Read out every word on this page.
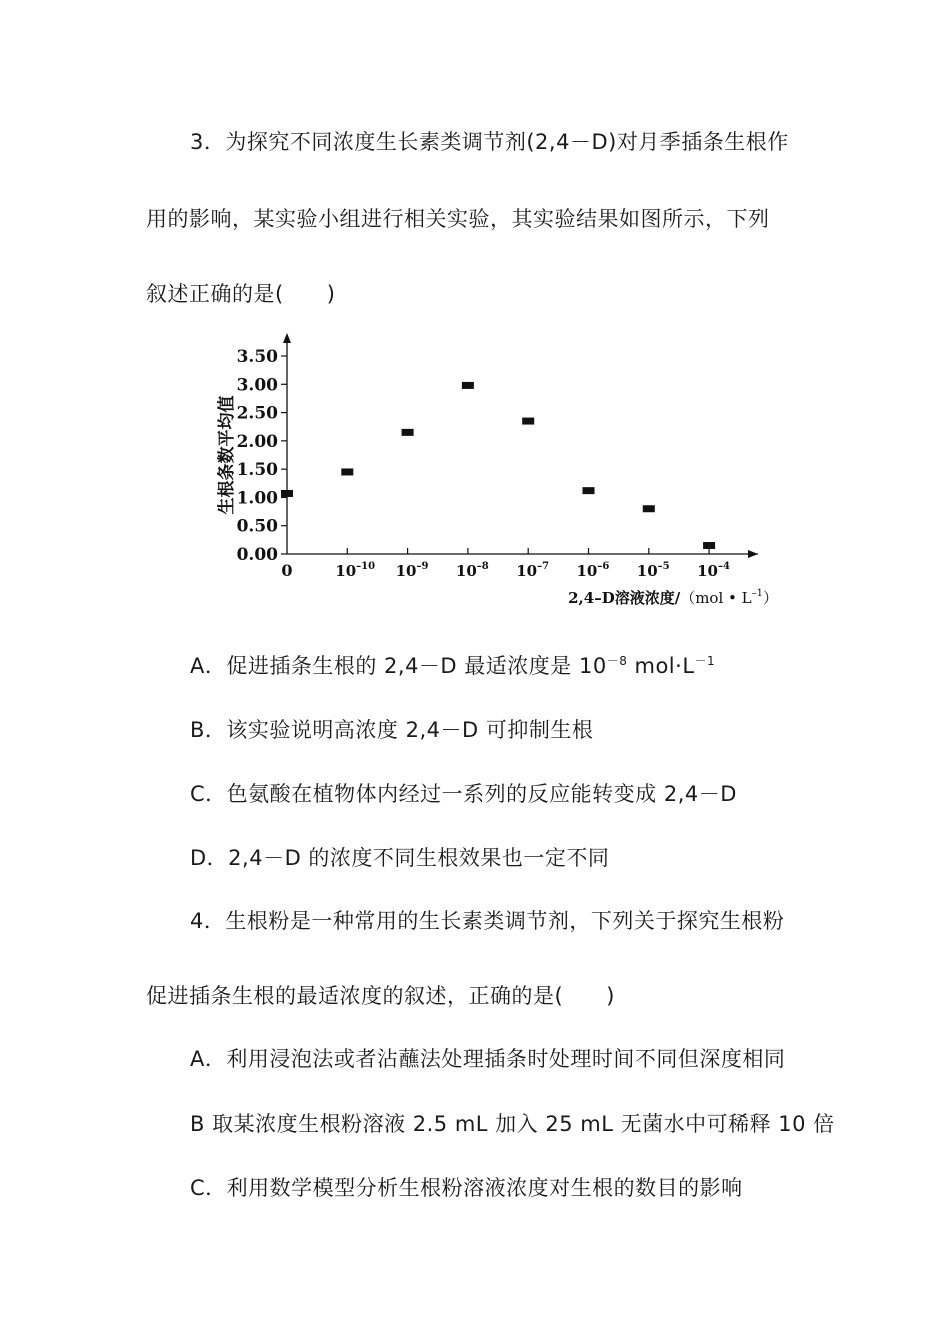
3．为探究不同浓度生长素类调节剂(2,4－D)对月季插条生根作
用的影响，某实验小组进行相关实验，其实验结果如图所示，下列
叙述正确的是(　　)
0.00
0.50
1.00
1.50
2.00
2.50
3.00
3.50
0	$10^{-10}$ $10^{-9}$ $10^{-8}$ $10^{-7}$ $10^{-6}$ $10^{-5}$ $10^{-4}$
生根条数平均值
2,4–D溶液浓度/（mol • $L^{-1}$）
A．促进插条生根的 2,4－D 最适浓度是 $10^{-8}$ $mol\cdot L^{-1}$
B．该实验说明高浓度 2,4－D 可抑制生根
C．色氨酸在植物体内经过一系列的反应能转变成 2,4－D
D．2,4－D 的浓度不同生根效果也一定不同
4．生根粉是一种常用的生长素类调节剂，下列关于探究生根粉
促进插条生根的最适浓度的叙述，正确的是(　　)
A．利用浸泡法或者沾蘸法处理插条时处理时间不同但深度相同
B 取某浓度生根粉溶液 2.5 mL 加入 25 mL 无菌水中可稀释 10 倍
C．利用数学模型分析生根粉溶液浓度对生根的数目的影响
